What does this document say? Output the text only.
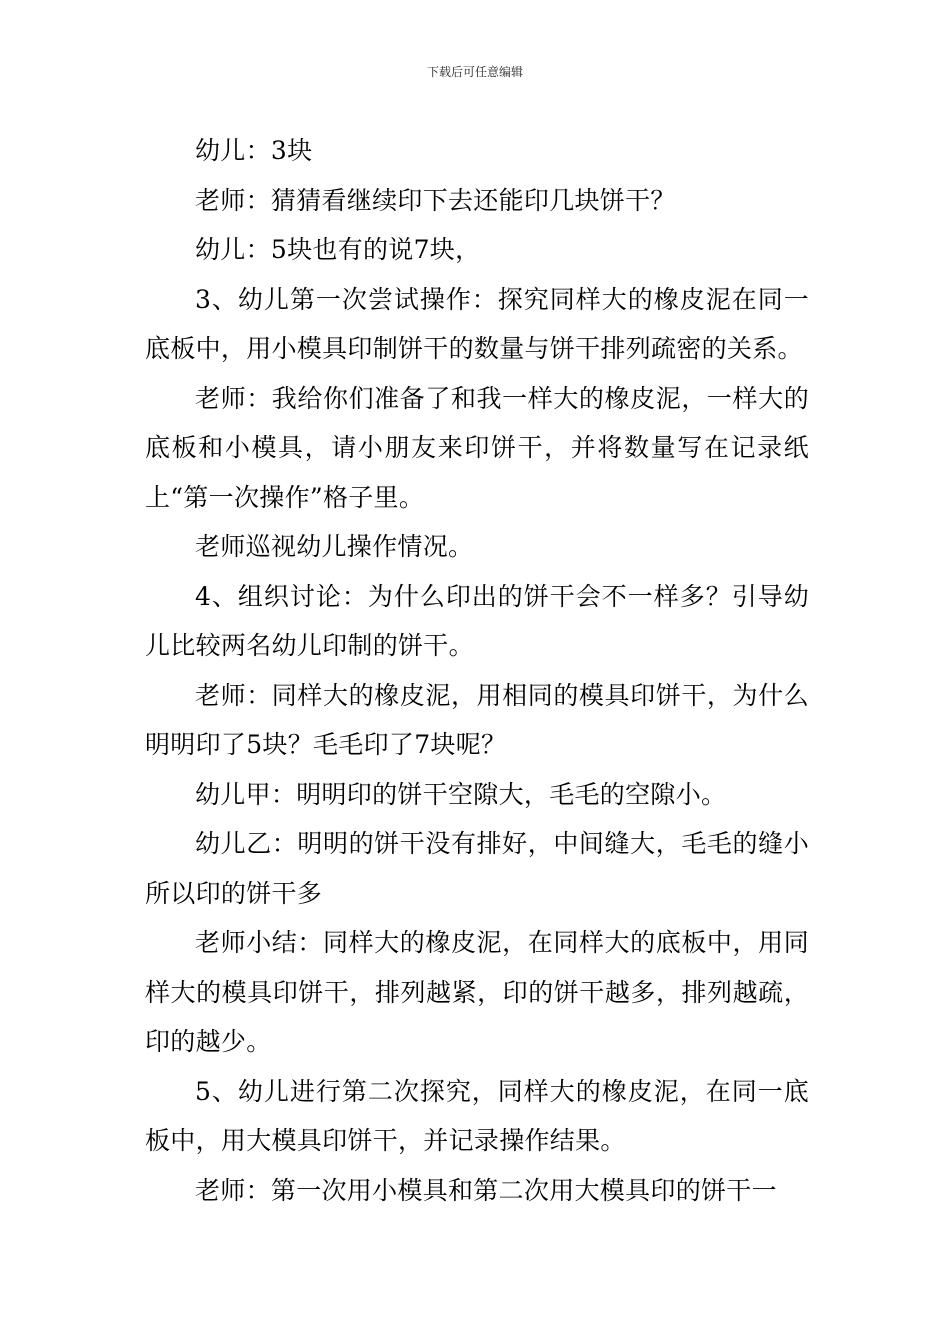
下载后可任意编辑

幼儿：3块

老师：猜猜看继续印下去还能印几块饼干？

幼儿：5块也有的说7块，

3、幼儿第一次尝试操作：探究同样大的橡皮泥在同一底板中，用小模具印制饼干的数量与饼干排列疏密的关系。

老师：我给你们准备了和我一样大的橡皮泥，一样大的底板和小模具，请小朋友来印饼干，并将数量写在记录纸上“第一次操作”格子里。

老师巡视幼儿操作情况。

4、组织讨论：为什么印出的饼干会不一样多？引导幼儿比较两名幼儿印制的饼干。

老师：同样大的橡皮泥，用相同的模具印饼干，为什么明明印了5块？毛毛印了7块呢？

幼儿甲：明明印的饼干空隙大，毛毛的空隙小。

幼儿乙：明明的饼干没有排好，中间缝大，毛毛的缝小所以印的饼干多

老师小结：同样大的橡皮泥，在同样大的底板中，用同样大的模具印饼干，排列越紧，印的饼干越多，排列越疏，印的越少。

5、幼儿进行第二次探究，同样大的橡皮泥，在同一底板中，用大模具印饼干，并记录操作结果。

老师：第一次用小模具和第二次用大模具印的饼干一
